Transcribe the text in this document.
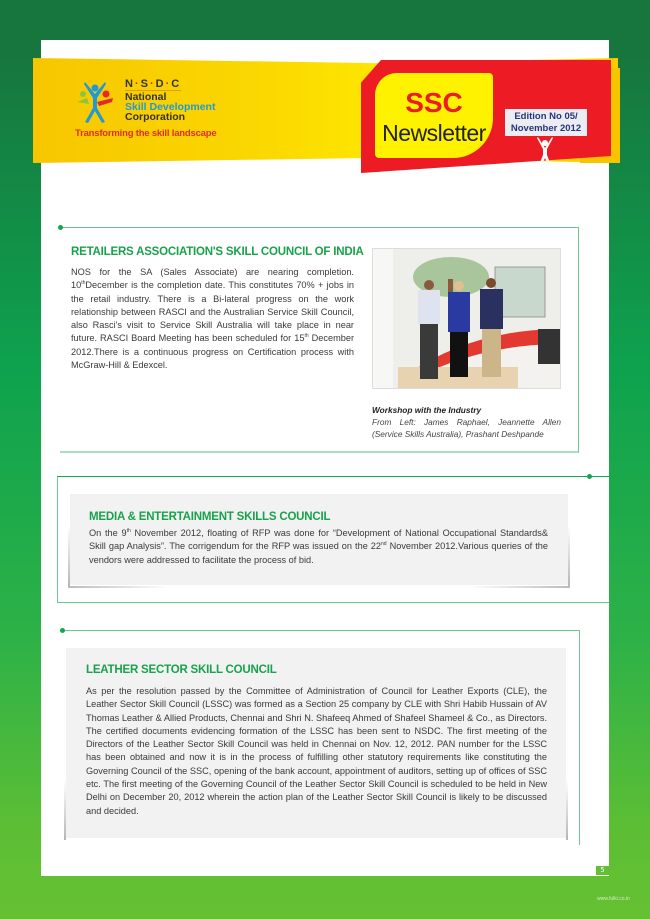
N·S·D·C
National
Skill Development
Corporation
Transforming the skill landscape
SSC
Newsletter
Edition No 05/
November 2012
RETAILERS ASSOCIATION'S SKILL COUNCIL OF INDIA

NOS for the SA (Sales Associate) are nearing completion. 10thDecember is the completion date. This constitutes 70% + jobs in the retail industry. There is a Bi-lateral progress on the work relationship between RASCI and the Australian Service Skill Council, also Rasci's visit to Service Skill Australia will take place in near future. RASCI Board Meeting has been scheduled for 15th December 2012.There is a continuous progress on Certification process with McGraw-Hill & Edexcel.

Workshop with the Industry
From Left: James Raphael, Jeannette Allen (Service Skills Australia), Prashant Deshpande
MEDIA & ENTERTAINMENT SKILLS COUNCIL

On the 9th November 2012, floating of RFP was done for “Development of National Occupational Standards& Skill gap Analysis”. The corrigendum for the RFP was issued on the 22nd November 2012.Various queries of the vendors were addressed to facilitate the process of bid.

LEATHER SECTOR SKILL COUNCIL

As per the resolution passed by the Committee of Administration of Council for Leather Exports (CLE), the Leather Sector Skill Council (LSSC) was formed as a Section 25 company by CLE with Shri Habib Hussain of AV Thomas Leather & Allied Products, Chennai and Shri N. Shafeeq Ahmed of Shafeel Shameel & Co., as Directors. The certified documents evidencing formation of the LSSC has been sent to NSDC. The first meeting of the Directors of the Leather Sector Skill Council was held in Chennai on Nov. 12, 2012. PAN number for the LSSC has been obtained and now it is in the process of fulfilling other statutory requirements like constituting the Governing Council of the SSC, opening of the bank account, appointment of auditors, setting up of offices of SSC etc. The first meeting of the Governing Council of the Leather Sector Skill Council is scheduled to be held in New Delhi on December 20, 2012 wherein the action plan of the Leather Sector Skill Council is likely to be discussed and decided.

5
www.fulki.co.in
